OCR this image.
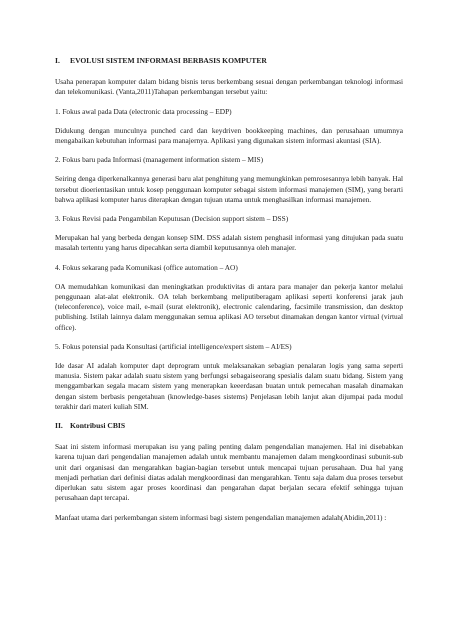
I.	EVOLUSI SISTEM INFORMASI BERBASIS KOMPUTER

Usaha penerapan komputer dalam bidang bisnis terus berkembang sesuai dengan perkembangan teknologi informasi dan telekomunikasi. (Vanta,2011)Tahapan perkembangan tersebut yaitu:

1. Fokus awal pada Data (electronic data processing – EDP)

Didukung dengan munculnya punched card dan keydriven bookkeeping machines, dan perusahaan umumnya mengabaikan kebutuhan informasi para manajernya. Aplikasi yang digunakan sistem informasi akuntasi (SIA).

2. Fokus baru pada Informasi (management information sistem – MIS)

Seiring denga diperkenalkannya generasi baru alat penghitung yang memungkinkan pemrosesannya lebih banyak. Hal tersebut dioerientasikan untuk kosep penggunaan komputer sebagai sistem informasi manajemen (SIM), yang berarti bahwa aplikasi komputer harus diterapkan dengan tujuan utama untuk menghasilkan informasi manajemen.

3. Fokus Revisi pada Pengambilan Keputusan (Decision support sistem – DSS)

Merupakan hal yang berbeda dengan konsep SIM. DSS adalah sistem penghasil informasi yang ditujukan pada suatu masalah tertentu yang harus dipecahkan serta diambil keputusannya oleh manajer.

4. Fokus sekarang pada Komunikasi (office automation – AO)

OA memudahkan komunikasi dan meningkatkan produktivitas di antara para manajer dan pekerja kantor melalui penggunaan alat-alat elektronik. OA telah berkembang meliputiberagam aplikasi seperti konferensi jarak jauh (teleconference), voice mail, e-mail (surat elektronik), electronic calendaring, facsimile transmission, dan desktop publishing. Istilah lainnya dalam menggunakan semua aplikasi AO tersebut dinamakan dengan kantor virtual (virtual office).

5. Fokus potensial pada Konsultasi (artificial intelligence/expert sistem – AI/ES)

Ide dasar AI adalah komputer dapt deprogram untuk melaksanakan sebagian penalaran logis yang sama seperti manusia. Sistem pakar adalah suatu sistem yang berfungsi sebagaiseorang spesialis dalam suatu bidang. Sistem yang menggambarkan segala macam sistem yang menerapkan keeerdasan buatan untuk pemecahan masalah dinamakan dengan sistem berbasis pengetahuan (knowledge-bases sistems) Penjelasan lebih lanjut akan dijumpai pada modul terakhir dari materi kuliah SIM.

II. Kontribusi CBIS

Saat ini sistem informasi merupakan isu yang paling penting dalam pengendalian manajemen. Hal ini disebabkan karena tujuan dari pengendalian manajemen adalah untuk membantu manajemen dalam mengkoordinasi subunit-sub unit dari organisasi dan mengarahkan bagian-bagian tersebut untuk mencapai tujuan perusahaan. Dua hal yang menjadi perhatian dari definisi diatas adalah mengkoordinasi dan mengarahkan. Tentu saja dalam dua proses tersebut diperlukan satu sistem agar proses koordinasi dan pengarahan dapat berjalan secara efektif sehingga tujuan perusahaan dapt tercapai.

Manfaat utama dari perkembangan sistem informasi bagi sistem pengendalian manajemen adalah(Abidin,2011) :
